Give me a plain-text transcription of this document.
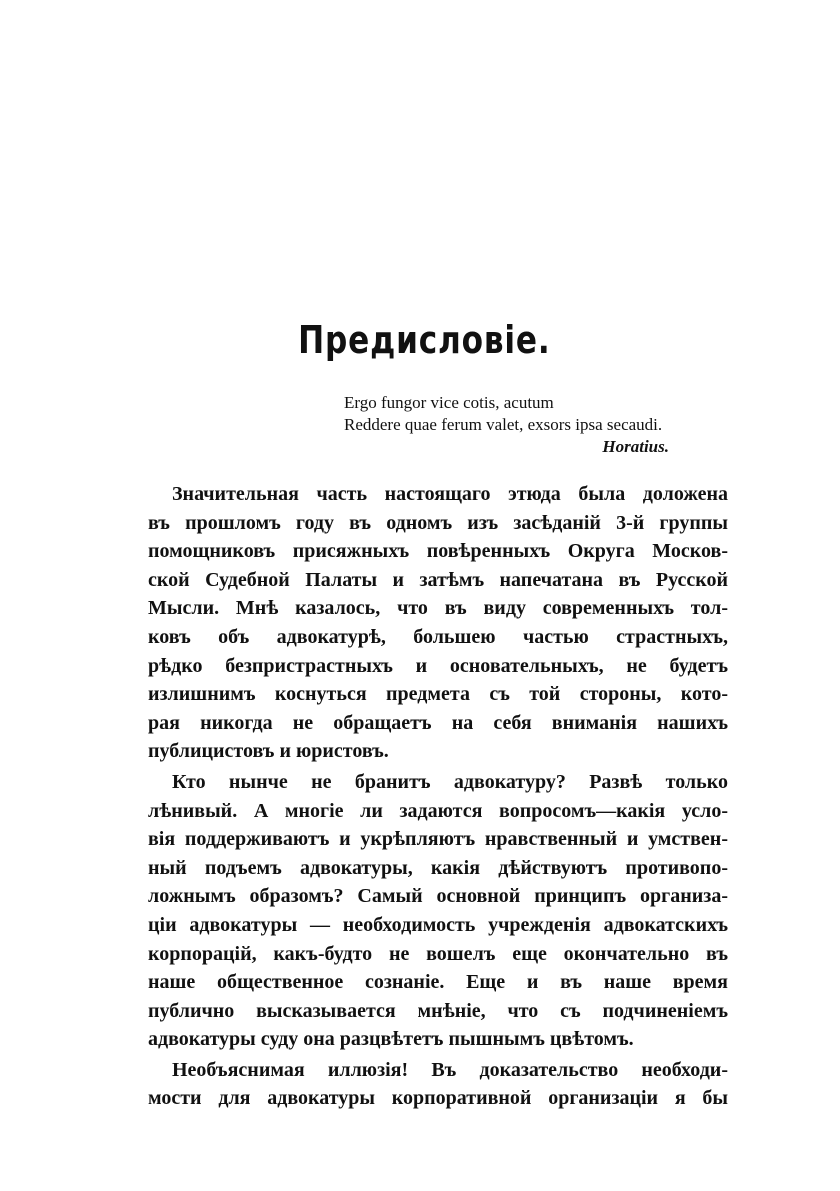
Предисловіе.
Ergo fungor vice cotis, acutum
Reddere quae ferum valet, exsors ipsa secaudi.
Horatius.
Значительная часть настоящаго этюда была доложена
въ прошломъ году въ одномъ изъ засѣданій 3-й группы
помощниковъ присяжныхъ повѣренныхъ Округа Москов-
ской Судебной Палаты и затѣмъ напечатана въ Русской
Мысли. Мнѣ казалось, что въ виду современныхъ тол-
ковъ объ адвокатурѣ, большею частью страстныхъ,
рѣдко безпристрастныхъ и основательныхъ, не будетъ
излишнимъ коснуться предмета съ той стороны, кото-
рая никогда не обращаетъ на себя вниманія нашихъ
публицистовъ и юристовъ.
Кто нынче не бранитъ адвокатуру? Развѣ только
лѣнивый. А многіе ли задаются вопросомъ—какія усло-
вія поддерживаютъ и укрѣпляютъ нравственный и умствен-
ный подъемъ адвокатуры, какія дѣйствуютъ противопо-
ложнымъ образомъ? Самый основной принципъ организа-
ціи адвокатуры — необходимость учрежденія адвокатскихъ
корпорацій, какъ-будто не вошелъ еще окончательно въ
наше общественное сознаніе. Еще и въ наше время
публично высказывается мнѣніе, что съ подчиненіемъ
адвокатуры суду она разцвѣтетъ пышнымъ цвѣтомъ.
Необъяснимая иллюзія! Въ доказательство необходи-
мости для адвокатуры корпоративной организаціи я бы
